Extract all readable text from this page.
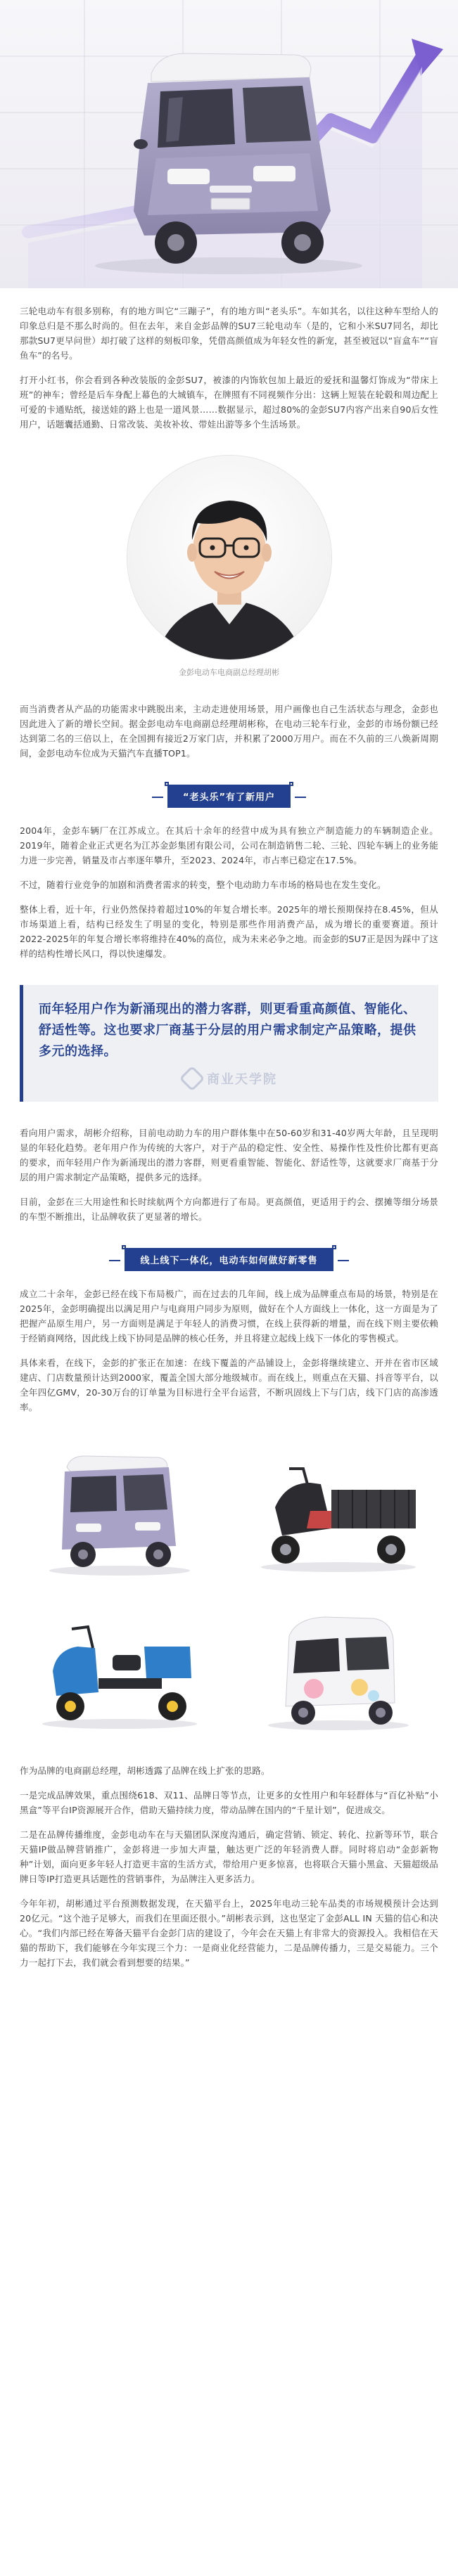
三轮电动车有很多别称，有的地方叫它“三蹦子”，有的地方叫“老头乐”。车如其名，以往这种车型给人的印象总归是不那么时尚的。但在去年，来自金彭品牌的SU7三轮电动车（是的，它和小米SU7同名，却比那款SU7更早问世）却打破了这样的刻板印象，凭借高颜值成为年轻女性的新宠，甚至被冠以“盲盒车”“盲鱼车”的名号。

打开小红书，你会看到各种改装版的金彭SU7，被漆的内饰软包加上最近的爱抚和温馨灯饰成为“带床上班”的神车；曾经是后车身配上幕色的大城镇车，在牌照有不同视频作分出：这辆上短装在轮毂和周边配上可爱的卡通贴纸，接送娃的路上也是一道风景……数据显示，超过80%的金彭SU7内容产出来自90后女性用户，话题囊括通勤、日常改装、美妆补妆、带娃出游等多个生活场景。

金彭电动车电商副总经理胡彬

而当消费者从产品的功能需求中跳脱出来，主动走进使用场景，用户画像也自己生活状态与理念，金彭也因此进入了新的增长空间。据金彭电动车电商副总经理胡彬称，在电动三轮车行业，金彭的市场份额已经达到第二名的三倍以上，在全国拥有接近2万家门店，并积累了2000万用户。而在不久前的三八焕新周期间，金彭电动车位成为天猫汽车直播TOP1。

“老头乐”有了新用户

2004年，金彭车辆厂在江苏成立。在其后十余年的经营中成为具有独立产制造能力的车辆制造企业。2019年，随着企业正式更名为江苏金彭集团有限公司，公司在制造销售二轮、三轮、四轮车辆上的业务能力进一步完善，销量及市占率逐年攀升，至2023、2024年，市占率已稳定在17.5%。

不过，随着行业竞争的加剧和消费者需求的转变，整个电动助力车市场的格局也在发生变化。

整体上看，近十年，行业仍然保持着超过10%的年复合增长率。2025年的增长预期保持在8.45%，但从市场渠道上看，结构已经发生了明显的变化，特别是那些作用消费产品，成为增长的重要赛道。预计2022-2025年的年复合增长率将维持在40%的高位，成为未来必争之地。而金彭的SU7正是因为踩中了这样的结构性增长风口，得以快速爆发。

而年轻用户作为新涌现出的潜力客群，则更看重高颜值、智能化、舒适性等。这也要求厂商基于分层的用户需求制定产品策略，提供多元的选择。
商业天学院

看向用户需求，胡彬介绍称，目前电动助力车的用户群体集中在50-60岁和31-40岁两大年龄，且呈现明显的年轻化趋势。老年用户作为传统的大客户，对于产品的稳定性、安全性、易操作性及性价比都有更高的要求，而年轻用户作为新涌现出的潜力客群，则更看重智能、智能化、舒适性等，这就要求厂商基于分层的用户需求制定产品策略，提供多元的选择。

目前，金彭在三大用途性和长时续航两个方向都进行了布局。更高颜值，更适用于约会、摆摊等细分场景的车型不断推出，让品牌收获了更显著的增长。

线上线下一体化，电动车如何做好新零售

成立二十余年，金彭已经在线下布局极广，而在过去的几年间，线上成为品牌重点布局的场景，特别是在2025年，金彭明确提出以满足用户与电商用户同步为原则，做好在个人方面线上一体化，这一方面是为了把握产品原生用户，另一方面则是满足于年轻人的消费习惯，在线上获得新的增量，而在线下则主要依赖于经销商网络，因此线上线下协同是品牌的核心任务，并且将建立起线上线下一体化的零售模式。

具体来看，在线下，金彭的扩张正在加速：在线下覆盖的产品铺设上，金彭将继续建立、开并在省市区域建店、门店数量预计达到2000家，覆盖全国大部分地级城市。而在线上，则重点在天猫、抖音等平台，以全年四亿GMV，20-30万台的订单量为目标进行全平台运营，不断巩固线上下与门店，线下门店的高渗透率。

作为品牌的电商副总经理，胡彬透露了品牌在线上扩张的思路。

一是完成品牌效果，重点围绕618、双11、品牌日等节点，让更多的女性用户和年轻群体与“百亿补贴”小黑盒”等平台IP资源展开合作，借助天猫持续力度，带动品牌在国内的“千星计划”，促进成交。

二是在品牌传播维度，金彭电动车在与天猫团队深度沟通后，确定营销、锁定、转化、拉新等环节，联合天猫IP做品牌营销推广，金彭将进一步加大声量，触达更广泛的年轻消费人群。同时将启动“金彭新物种”计划，面向更多年轻人打造更丰富的生活方式，带给用户更多惊喜，也将联合天猫小黑盒、天猫超级品牌日等IP打造更具话题性的营销事件，为品牌注入更多活力。

今年年初，胡彬通过平台预测数据发现，在天猫平台上，2025年电动三轮车品类的市场规模预计会达到20亿元。“这个池子足够大，而我们在里面还很小。”胡彬表示到，这也坚定了金彭ALL IN 天猫的信心和决心。“我们内部已经在筹备天猫平台金彭门店的建设了，今年会在天猫上有非常大的资源投入。我相信在天猫的帮助下，我们能够在今年实现三个力：一是商业化经营能力，二是品牌传播力，三是交易能力。三个力一起打下去，我们就会看到想要的结果。”
